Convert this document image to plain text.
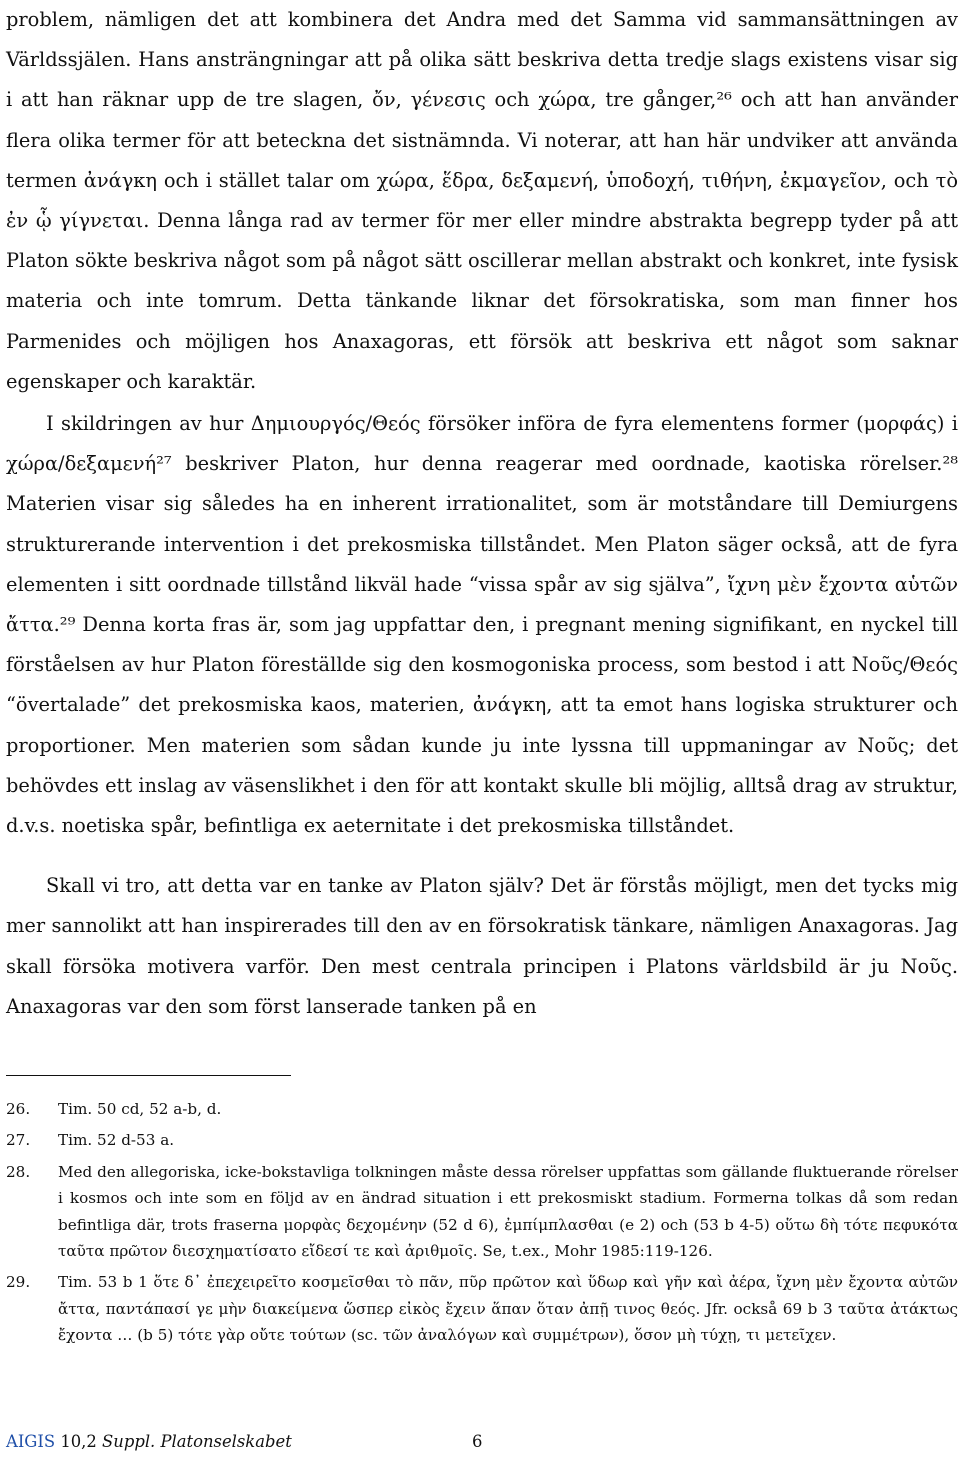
problem, nämligen det att kombinera det Andra med det Samma vid sammansättningen av Världssjälen. Hans ansträngningar att på olika sätt beskriva detta tredje slags existens visar sig i att han räknar upp de tre slagen, ὄν, γένεσις och χώρα, tre gånger,²⁶ och att han använder flera olika termer för att beteckna det sistnämnda. Vi noterar, att han här undviker att använda termen ἀνάγκη och i stället talar om χώρα, ἕδρα, δεξαμενή, ὑποδοχή, τιθήνη, ἐκμαγεῖον, och τὸ ἐν ᾧ γίγνεται. Denna långa rad av termer för mer eller mindre abstrakta begrepp tyder på att Platon sökte beskriva något som på något sätt oscillerar mellan abstrakt och konkret, inte fysisk materia och inte tomrum. Detta tänkande liknar det försokratiska, som man finner hos Parmenides och möjligen hos Anaxagoras, ett försök att beskriva ett något som saknar egenskaper och karaktär.

I skildringen av hur Δημιουργός/Θεός försöker införa de fyra elementens former (μορφάς) i χώρα/δεξαμενή²⁷ beskriver Platon, hur denna reagerar med oordnade, kaotiska rörelser.²⁸ Materien visar sig således ha en inherent irrationalitet, som är motståndare till Demiurgens strukturerande intervention i det prekosmiska tillståndet. Men Platon säger också, att de fyra elementen i sitt oordnade tillstånd likväl hade “vissa spår av sig själva”, ἴχνη μὲν ἔχοντα αὑτῶν ἄττα.²⁹ Denna korta fras är, som jag uppfattar den, i pregnant mening signifikant, en nyckel till förståelsen av hur Platon föreställde sig den kosmogoniska process, som bestod i att Νοῦς/Θεός “övertalade” det prekosmiska kaos, materien, ἀνάγκη, att ta emot hans logiska strukturer och proportioner. Men materien som sådan kunde ju inte lyssna till uppmaningar av Νοῦς; det behövdes ett inslag av väsenslikhet i den för att kontakt skulle bli möjlig, alltså drag av struktur, d.v.s. noetiska spår, befintliga ex aeternitate i det prekosmiska tillståndet.

Skall vi tro, att detta var en tanke av Platon själv? Det är förstås möjligt, men det tycks mig mer sannolikt att han inspirerades till den av en försokratisk tänkare, nämligen Anaxagoras. Jag skall försöka motivera varför. Den mest centrala principen i Platons världsbild är ju Νοῦς. Anaxagoras var den som först lanserade tanken på en

26.	Tim. 50 cd, 52 a-b, d.
27.	Tim. 52 d-53 a.
28.	Med den allegoriska, icke-bokstavliga tolkningen måste dessa rörelser uppfattas som gällande fluktuerande rörelser i kosmos och inte som en följd av en ändrad situation i ett prekosmiskt stadium. Formerna tolkas då som redan befintliga där, trots fraserna μορφὰς δεχομένην (52 d 6), ἐμπίμπλασθαι (e 2) och (53 b 4-5) οὕτω δὴ τότε πεφυκότα ταῦτα πρῶτον διεσχηματίσατο εἴδεσί τε καὶ ἀριθμοῖς. Se, t.ex., Mohr 1985:119-126.
29.	Tim. 53 b 1 ὅτε δ᾽ ἐπεχειρεῖτο κοσμεῖσθαι τὸ πᾶν, πῦρ πρῶτον καὶ ὕδωρ καὶ γῆν καὶ ἀέρα, ἴχνη μὲν ἔχοντα αὐτῶν ἄττα, παντάπασί γε μὴν διακείμενα ὥσπερ εἰκὸς ἔχειν ἅπαν ὅταν ἀπῇ τινος θεός. Jfr. också 69 b 3 ταῦτα ἀτάκτως ἔχοντα … (b 5) τότε γὰρ οὔτε τούτων (sc. τῶν ἀναλόγων καὶ συμμέτρων), ὅσον μὴ τύχῃ, τι μετεῖχεν.
AIGIS 10,2 Suppl. Platonselskabet	6
